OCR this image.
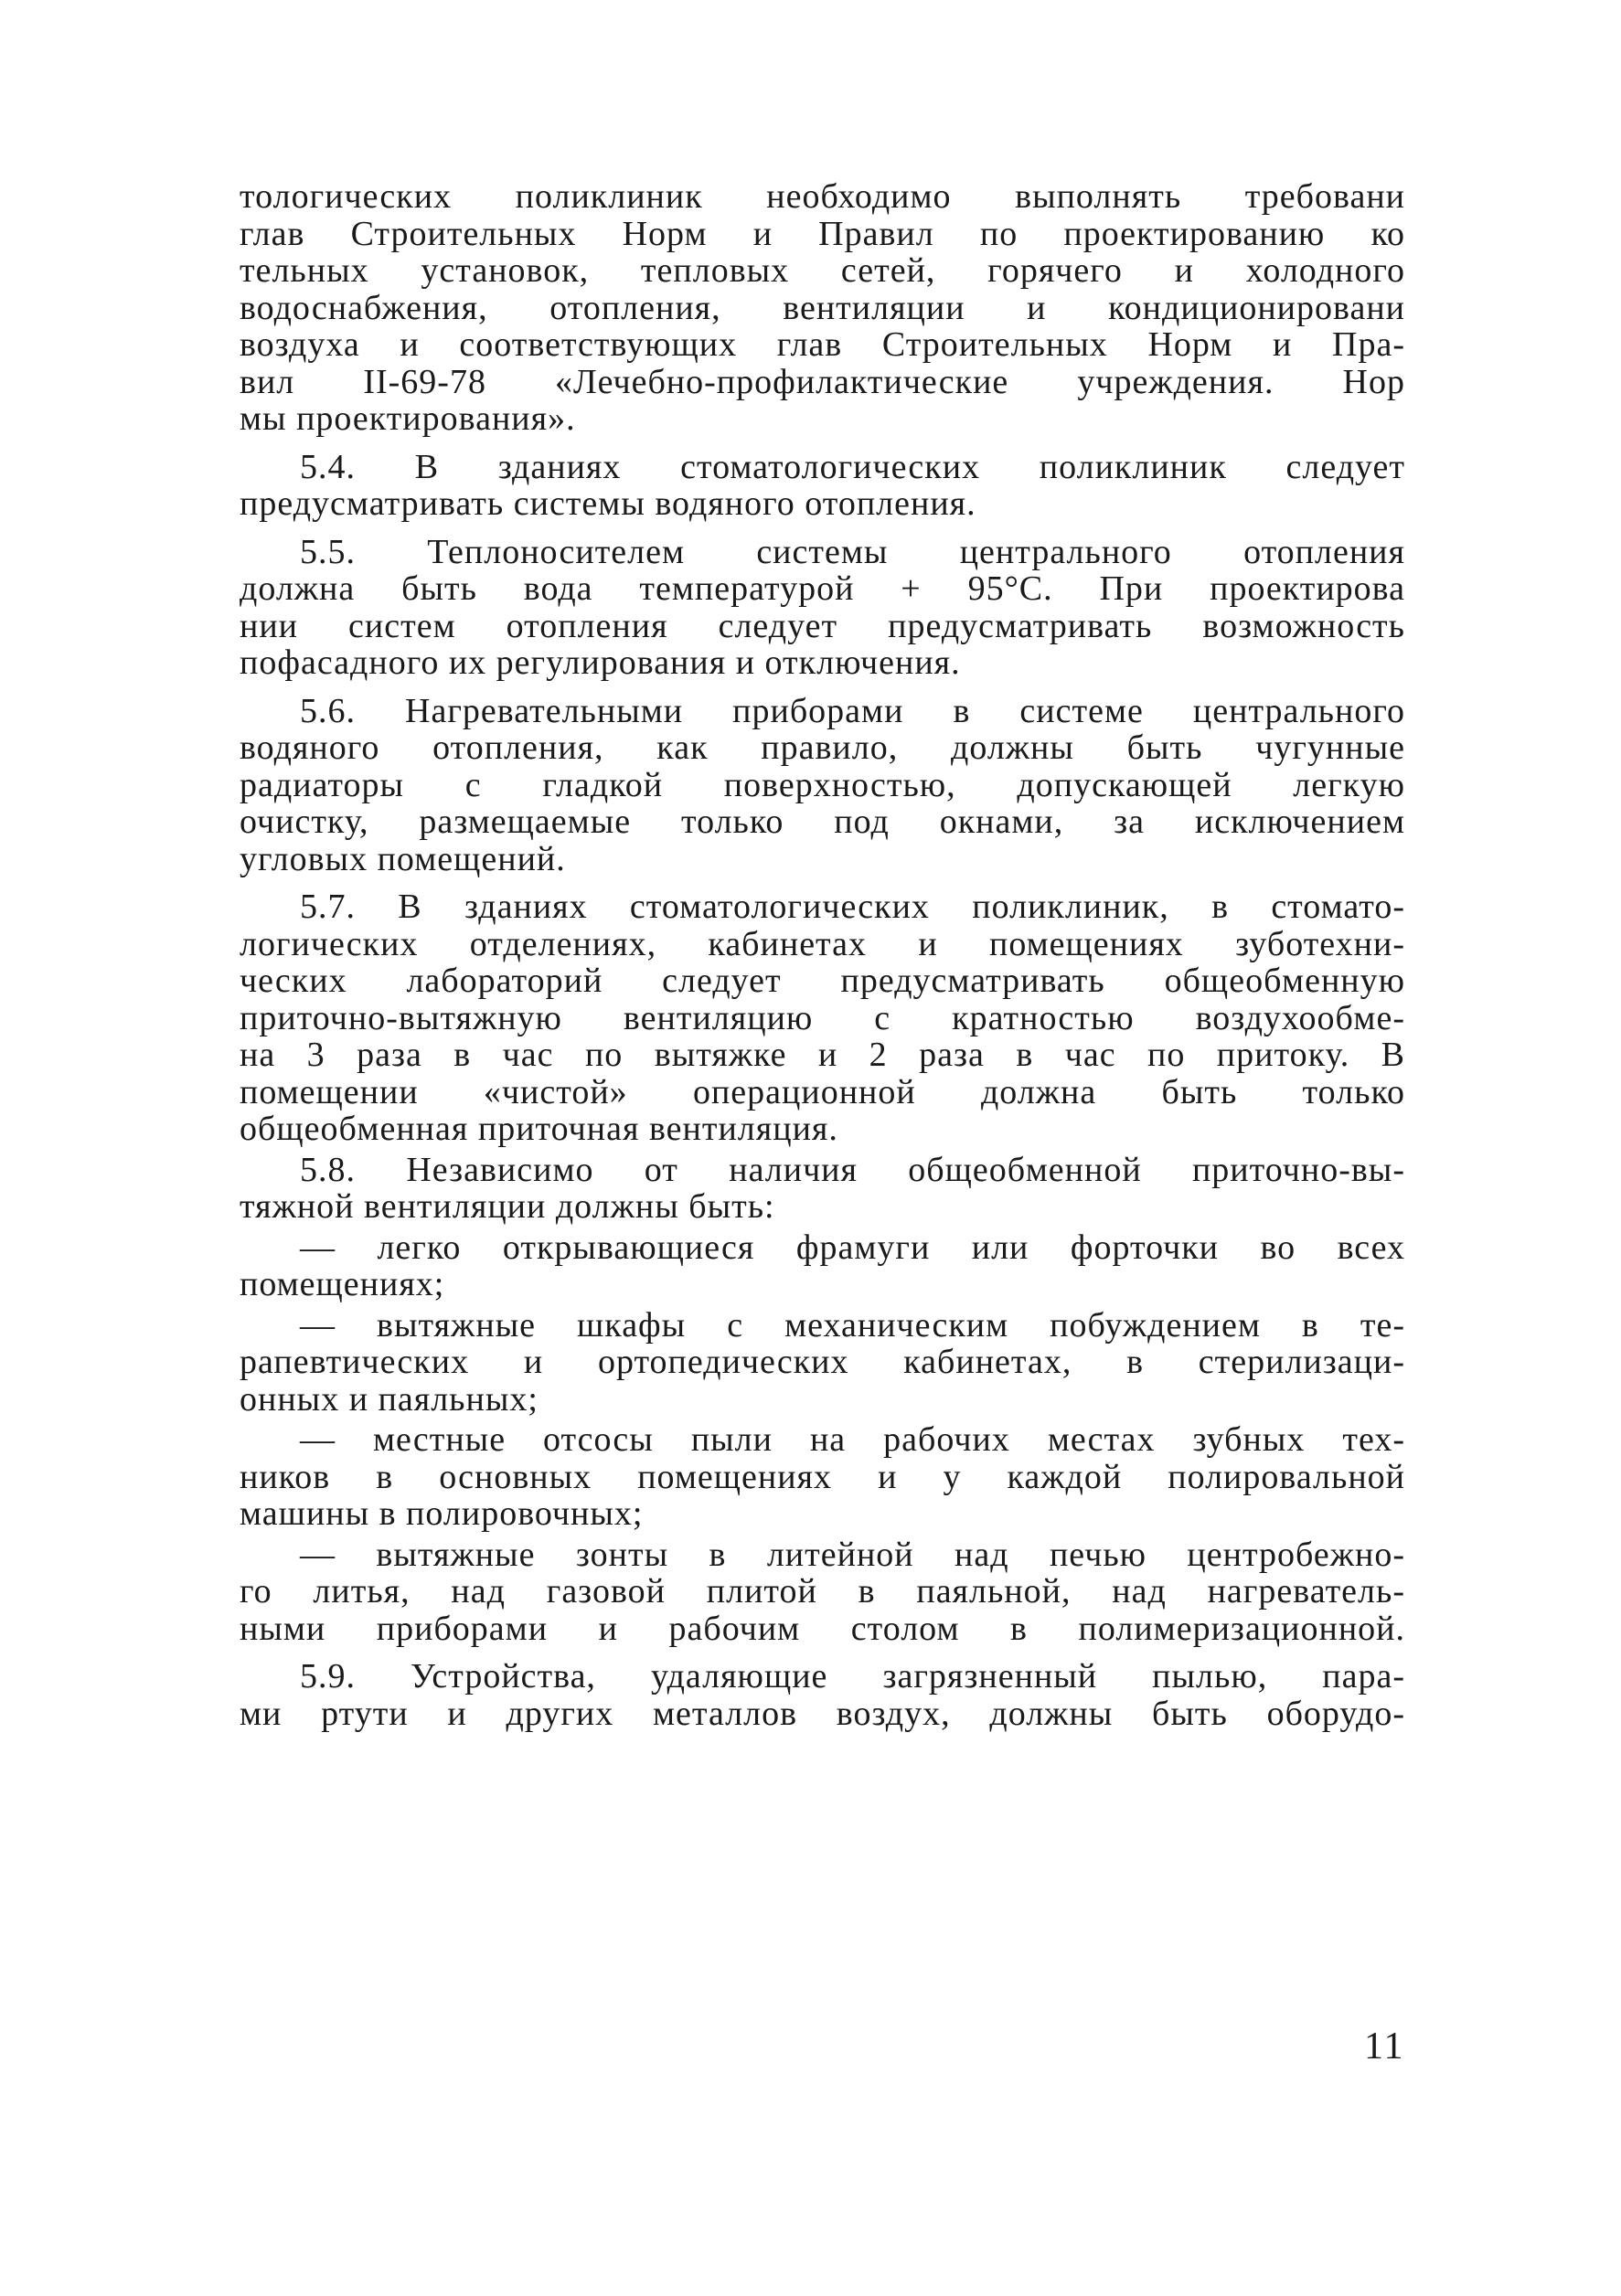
тологических поликлиник необходимо выполнять требовани
глав Строительных Норм и Правил по проектированию ко
тельных установок, тепловых сетей, горячего и холодного
водоснабжения, отопления, вентиляции и кондиционировани
воздуха и соответствующих глав Строительных Норм и Пра-
вил II-69-78 «Лечебно-профилактические учреждения. Нор
мы проектирования».
5.4. В зданиях стоматологических поликлиник следует
предусматривать системы водяного отопления.
5.5. Теплоносителем системы центрального отопления
должна быть вода температурой + 95°С. При проектирова
нии систем отопления следует предусматривать возможность
пофасадного их регулирования и отключения.
5.6. Нагревательными приборами в системе центрального
водяного отопления, как правило, должны быть чугунные
радиаторы с гладкой поверхностью, допускающей легкую
очистку, размещаемые только под окнами, за исключением
угловых помещений.
5.7. В зданиях стоматологических поликлиник, в стомато-
логических отделениях, кабинетах и помещениях зуботехни-
ческих лабораторий следует предусматривать общеобменную
приточно-вытяжную вентиляцию с кратностью воздухообме-
на 3 раза в час по вытяжке и 2 раза в час по притоку. В
помещении «чистой» операционной должна быть только
общеобменная приточная вентиляция.
5.8. Независимо от наличия общеобменной приточно-вы-
тяжной вентиляции должны быть:
— легко открывающиеся фрамуги или форточки во всех
помещениях;
— вытяжные шкафы с механическим побуждением в те-
рапевтических и ортопедических кабинетах, в стерилизаци-
онных и паяльных;
— местные отсосы пыли на рабочих местах зубных тех-
ников в основных помещениях и у каждой полировальной
машины в полировочных;
— вытяжные зонты в литейной над печью центробежно-
го литья, над газовой плитой в паяльной, над нагреватель-
ными приборами и рабочим столом в полимеризационной.
5.9. Устройства, удаляющие загрязненный пылью, пара-
ми ртути и других металлов воздух, должны быть оборудо-
11
